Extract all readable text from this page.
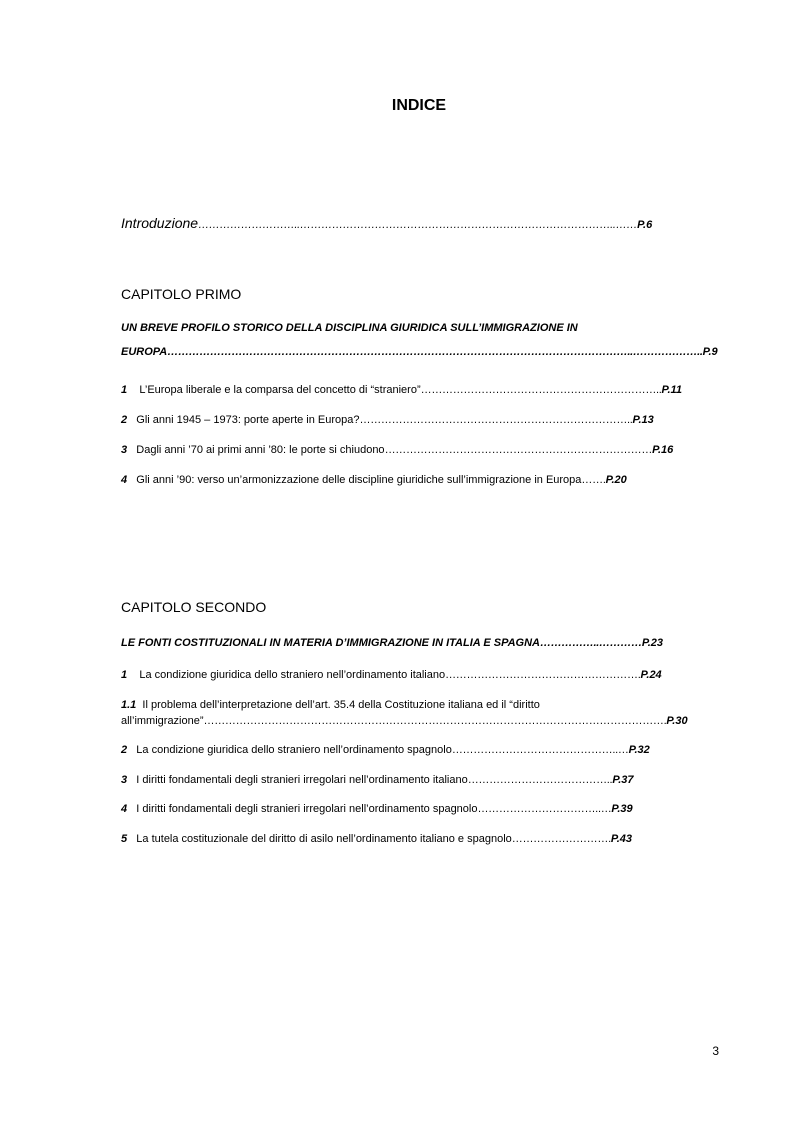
INDICE
Introduzione………………………..……………………………………………………………………………..……P.6
CAPITOLO PRIMO
UN BREVE PROFILO STORICO DELLA DISCIPLINA GIURIDICA SULL’IMMIGRAZIONE IN
EUROPA…………………………………………………………………………………………………………………..………………..P.9
1 L’Europa liberale e la comparsa del concetto di “straniero”…………………………………………………………..P.11
2 Gli anni 1945 – 1973: porte aperte in Europa?…………………………………………………………………..P.13
3 Dagli anni ’70 ai primi anni ’80: le porte si chiudono…………………………………………………………………P.16
4 Gli anni ’90: verso un’armonizzazione delle discipline giuridiche sull’immigrazione in Europa…….P.20
CAPITOLO SECONDO
LE FONTI COSTITUZIONALI IN MATERIA D’IMMIGRAZIONE IN ITALIA E SPAGNA……………..…………P.23
1 La condizione giuridica dello straniero nell’ordinamento italiano……………………………………………….P.24
1.1 Il problema dell’interpretazione dell’art. 35.4 della Costituzione italiana ed il “diritto
all’immigrazione”………………………………………………………………………………………………………………….P.30
2 La condizione giuridica dello straniero nell’ordinamento spagnolo………………………………………..…P.32
3 I diritti fondamentali degli stranieri irregolari nell’ordinamento italiano…………………………………..P.37
4 I diritti fondamentali degli stranieri irregolari nell’ordinamento spagnolo……………………………..…P.39
5 La tutela costituzionale del diritto di asilo nell’ordinamento italiano e spagnolo……………………….P.43
3
